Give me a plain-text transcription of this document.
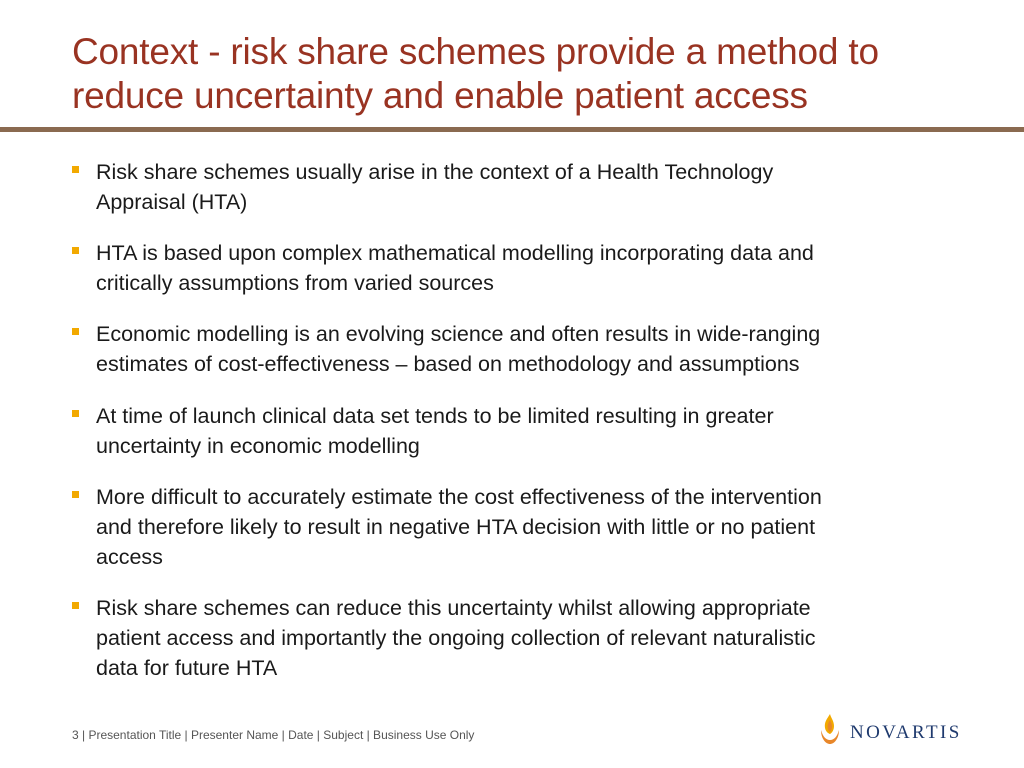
Context - risk share schemes provide a method to
reduce uncertainty and enable patient access
Risk share schemes usually arise in the context of a Health Technology
Appraisal (HTA)
HTA is based upon complex mathematical modelling incorporating data and
critically assumptions from varied sources
Economic modelling is an evolving science and often results in wide-ranging
estimates of cost-effectiveness – based on methodology and assumptions
At time of launch clinical data set tends to be limited resulting in greater
uncertainty in economic modelling
More difficult to accurately estimate the cost effectiveness of the intervention
and therefore likely to result in negative HTA decision with little or no patient
access
Risk share schemes can reduce this uncertainty whilst allowing appropriate
patient access and importantly the ongoing collection of relevant naturalistic
data for future HTA
3 | Presentation Title | Presenter Name | Date | Subject | Business Use Only	NOVARTIS
